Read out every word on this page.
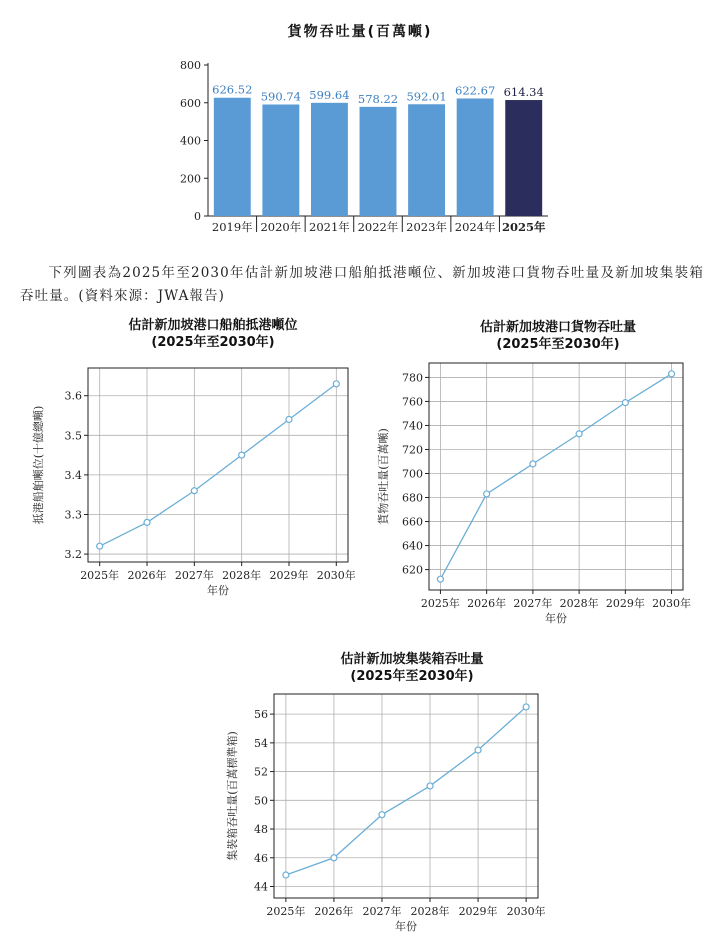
貨物吞吐量(百萬噸)
0
200
400
600
800
626.52
2019年
590.74
2020年
599.64
2021年
578.22
2022年
592.01
2023年
622.67
2024年
614.34
2025年
下列圖表為2025年至2030年估計新加坡港口船舶抵港噸位、新加坡港口貨物吞吐量及新加坡集裝箱吞吐量。(資料來源：JWA報告)
估計新加坡港口船舶抵港噸位
(2025年至2030年)
3.2
3.3
3.4
3.5
3.6
2025年 2026年 2027年 2028年 2029年 2030年
年份
抵港船舶噸位(十億總噸)
估計新加坡港口貨物吞吐量
(2025年至2030年)
620
640
660
680
700
720
740
760
780
2025年 2026年 2027年 2028年 2029年 2030年
年份
貨物吞吐量(百萬噸)
估計新加坡集裝箱吞吐量
(2025年至2030年)
44
46
48
50
52
54
56
2025年 2026年 2027年 2028年 2029年 2030年
年份
集裝箱吞吐量(百萬標準箱)
